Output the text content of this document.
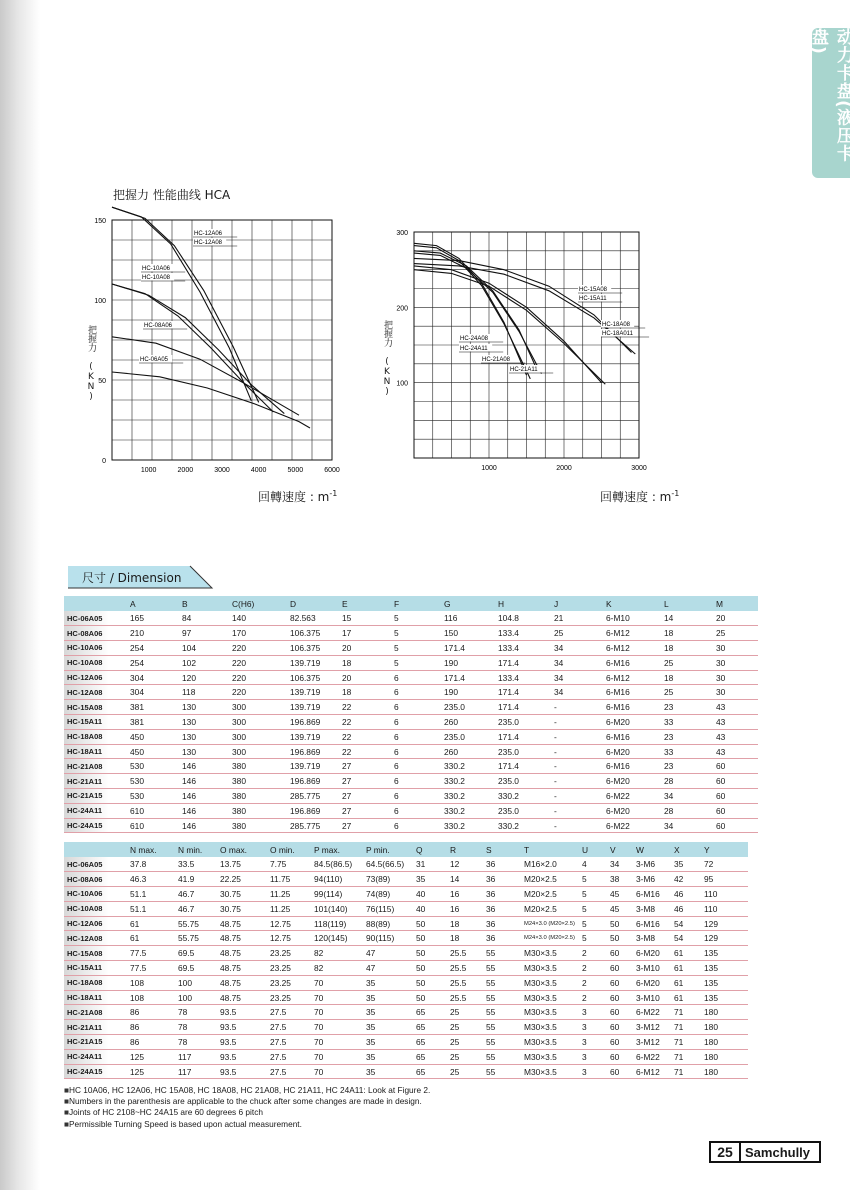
动力卡盘(液压卡盘)
把握力 性能曲线 HCA
1000	2000	3000	4000	5000	6000
0
50
100
150
HC-12A06
HC-12A08
HC-10A06
HC-10A08
HC-08A06
HC-06A05
把握力 (KN)
回轉速度 : $m^{-1}$
1000	2000	3000
100
200
300
HC-15A08
HC-15A11
HC-18A08
HC-18A011
HC-24A08
HC-24A11
HC-21A08
HC-21A11
把握力 (KN)
回轉速度 : $m^{-1}$
尺寸 / Dimension
	A	B	C(H6)	D	E	F	G	H	J	K	L	M
HC-06A05	165	84	140	82.563	15	5	116	104.8	21	6-M10	14	20
HC-08A06	210	97	170	106.375	17	5	150	133.4	25	6-M12	18	25
HC-10A06	254	104	220	106.375	20	5	171.4	133.4	34	6-M12	18	30
HC-10A08	254	102	220	139.719	18	5	190	171.4	34	6-M16	25	30
HC-12A06	304	120	220	106.375	20	6	171.4	133.4	34	6-M12	18	30
HC-12A08	304	118	220	139.719	18	6	190	171.4	34	6-M16	25	30
HC-15A08	381	130	300	139.719	22	6	235.0	171.4	-	6-M16	23	43
HC-15A11	381	130	300	196.869	22	6	260	235.0	-	6-M20	33	43
HC-18A08	450	130	300	139.719	22	6	235.0	171.4	-	6-M16	23	43
HC-18A11	450	130	300	196.869	22	6	260	235.0	-	6-M20	33	43
HC-21A08	530	146	380	139.719	27	6	330.2	171.4	-	6-M16	23	60
HC-21A11	530	146	380	196.869	27	6	330.2	235.0	-	6-M20	28	60
HC-21A15	530	146	380	285.775	27	6	330.2	330.2	-	6-M22	34	60
HC-24A11	610	146	380	196.869	27	6	330.2	235.0	-	6-M20	28	60
HC-24A15	610	146	380	285.775	27	6	330.2	330.2	-	6-M22	34	60
	N max.	N min.	O max.	O min.	P max.	P min.	Q	R	S	T	U	V	W	X	Y
HC-06A05	37.8	33.5	13.75	7.75	84.5(86.5)	64.5(66.5)	31	12	36	M16×2.0	4	34	3-M6	35	72
HC-08A06	46.3	41.9	22.25	11.75	94(110)	73(89)	35	14	36	M20×2.5	5	38	3-M6	42	95
HC-10A06	51.1	46.7	30.75	11.25	99(114)	74(89)	40	16	36	M20×2.5	5	45	6-M16	46	110
HC-10A08	51.1	46.7	30.75	11.25	101(140)	76(115)	40	16	36	M20×2.5	5	45	3-M8	46	110
HC-12A06	61	55.75	48.75	12.75	118(119)	88(89)	50	18	36	M24×3.0 (M20×2.5)	5	50	6-M16	54	129
HC-12A08	61	55.75	48.75	12.75	120(145)	90(115)	50	18	36	M24×3.0 (M20×2.5)	5	50	3-M8	54	129
HC-15A08	77.5	69.5	48.75	23.25	82	47	50	25.5	55	M30×3.5	2	60	6-M20	61	135
HC-15A11	77.5	69.5	48.75	23.25	82	47	50	25.5	55	M30×3.5	2	60	3-M10	61	135
HC-18A08	108	100	48.75	23.25	70	35	50	25.5	55	M30×3.5	2	60	6-M20	61	135
HC-18A11	108	100	48.75	23.25	70	35	50	25.5	55	M30×3.5	2	60	3-M10	61	135
HC-21A08	86	78	93.5	27.5	70	35	65	25	55	M30×3.5	3	60	6-M22	71	180
HC-21A11	86	78	93.5	27.5	70	35	65	25	55	M30×3.5	3	60	3-M12	71	180
HC-21A15	86	78	93.5	27.5	70	35	65	25	55	M30×3.5	3	60	3-M12	71	180
HC-24A11	125	117	93.5	27.5	70	35	65	25	55	M30×3.5	3	60	6-M22	71	180
HC-24A15	125	117	93.5	27.5	70	35	65	25	55	M30×3.5	3	60	6-M12	71	180
■ HC 10A06, HC 12A06, HC 15A08, HC 18A08, HC 21A08, HC 21A11, HC 24A11: Look at Figure 2.
■ Numbers in the parenthesis are applicable to the chuck after some changes are made in design.
■ Joints of HC 2108~HC 24A15 are 60 degrees 6 pitch
■ Permissible Turning Speed is based upon actual measurement.
25 Samchully
